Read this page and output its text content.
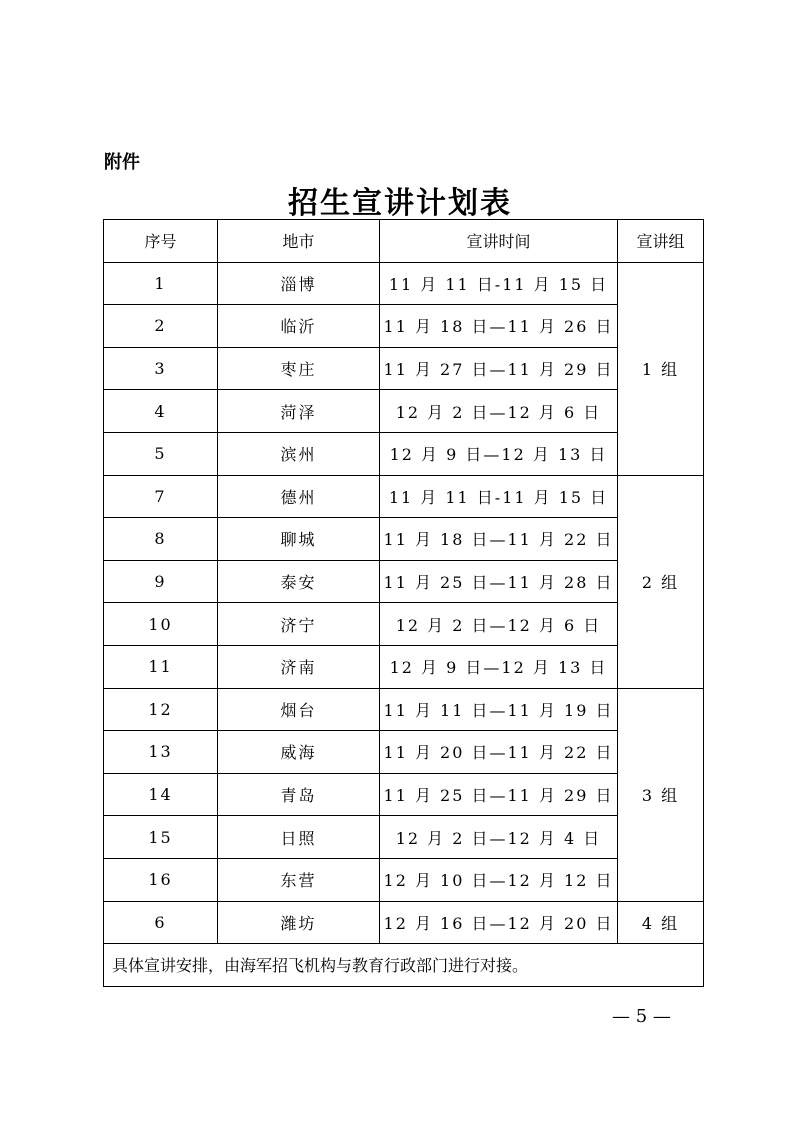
附件
招生宣讲计划表
序号	地市	宣讲时间	宣讲组
1	淄博	11 月 11 日-11 月 15 日	1 组
2	临沂	11 月 18 日—11 月 26 日	
3	枣庄	11 月 27 日—11 月 29 日	
4	菏泽	12 月 2 日—12 月 6 日	
5	滨州	12 月 9 日—12 月 13 日	
7	德州	11 月 11 日-11 月 15 日	2 组
8	聊城	11 月 18 日—11 月 22 日	
9	泰安	11 月 25 日—11 月 28 日	
10	济宁	12 月 2 日—12 月 6 日	
11	济南	12 月 9 日—12 月 13 日	
12	烟台	11 月 11 日—11 月 19 日	3 组
13	威海	11 月 20 日—11 月 22 日	
14	青岛	11 月 25 日—11 月 29 日	
15	日照	12 月 2 日—12 月 4 日	
16	东营	12 月 10 日—12 月 12 日	
6	潍坊	12 月 16 日—12 月 20 日	4 组
具体宣讲安排，由海军招飞机构与教育行政部门进行对接。			
— 5 —
